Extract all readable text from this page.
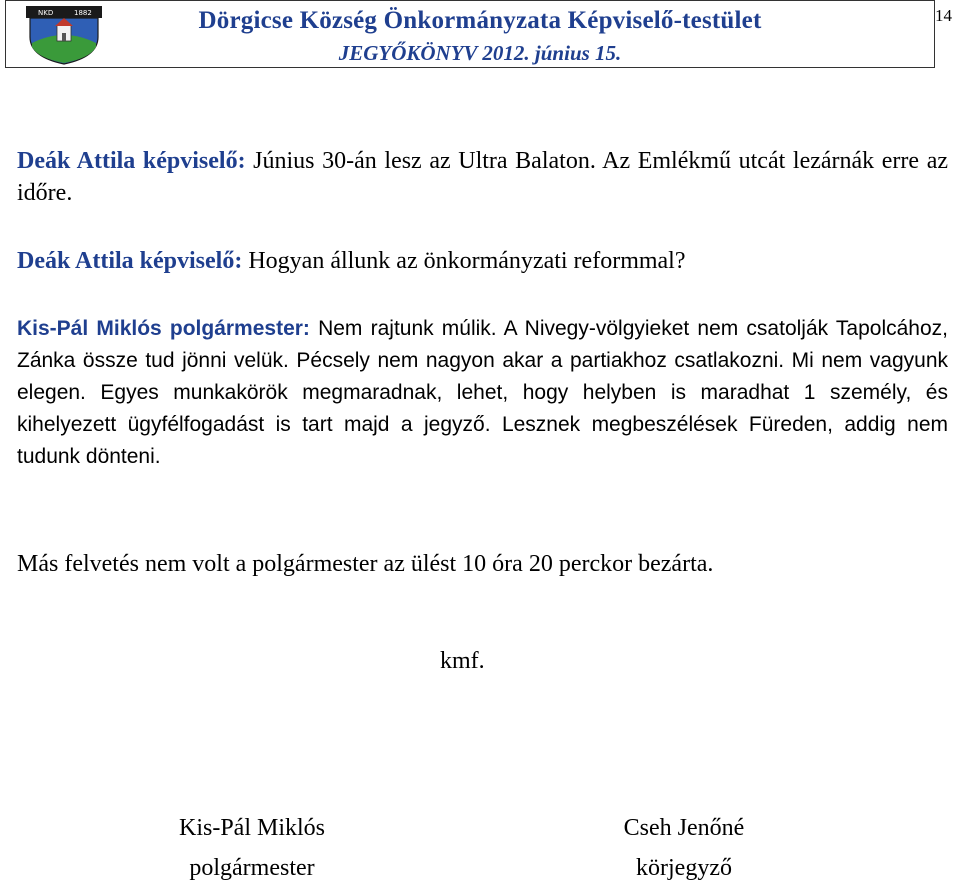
NKD	1882	Dörgicse Község Önkormányzata Képviselő-testület
JEGYŐKÖNYV 2012. június 15.
14
Deák Attila képviselő: Június 30-án lesz az Ultra Balaton. Az Emlékmű utcát lezárnák erre az időre.
Deák Attila képvis​elő: Hogyan állunk az önkormányzati reformmal?
Kis-Pál Miklós polgármester: Nem rajtunk múlik. A Nivegy-völgyieket nem csatolják Tapolcához, Zánka össze tud jönni velük. Pécsely nem nagyon akar a partiakhoz csatlakozni. Mi nem vagyunk elegen. Egyes munkakörök megmaradnak, lehet, hogy helyben is maradhat 1 személy, és kihelyezett ügyfélfogadást is tart majd a jegyző. Lesznek megbeszélések Füreden, addig nem tudunk dönteni.
Más felvetés nem volt a polgármester az ülést 10 óra 20 perckor bezárta.
kmf.
Kis-Pál Miklós
polgármester
Cseh Jenőné
körjegyző
